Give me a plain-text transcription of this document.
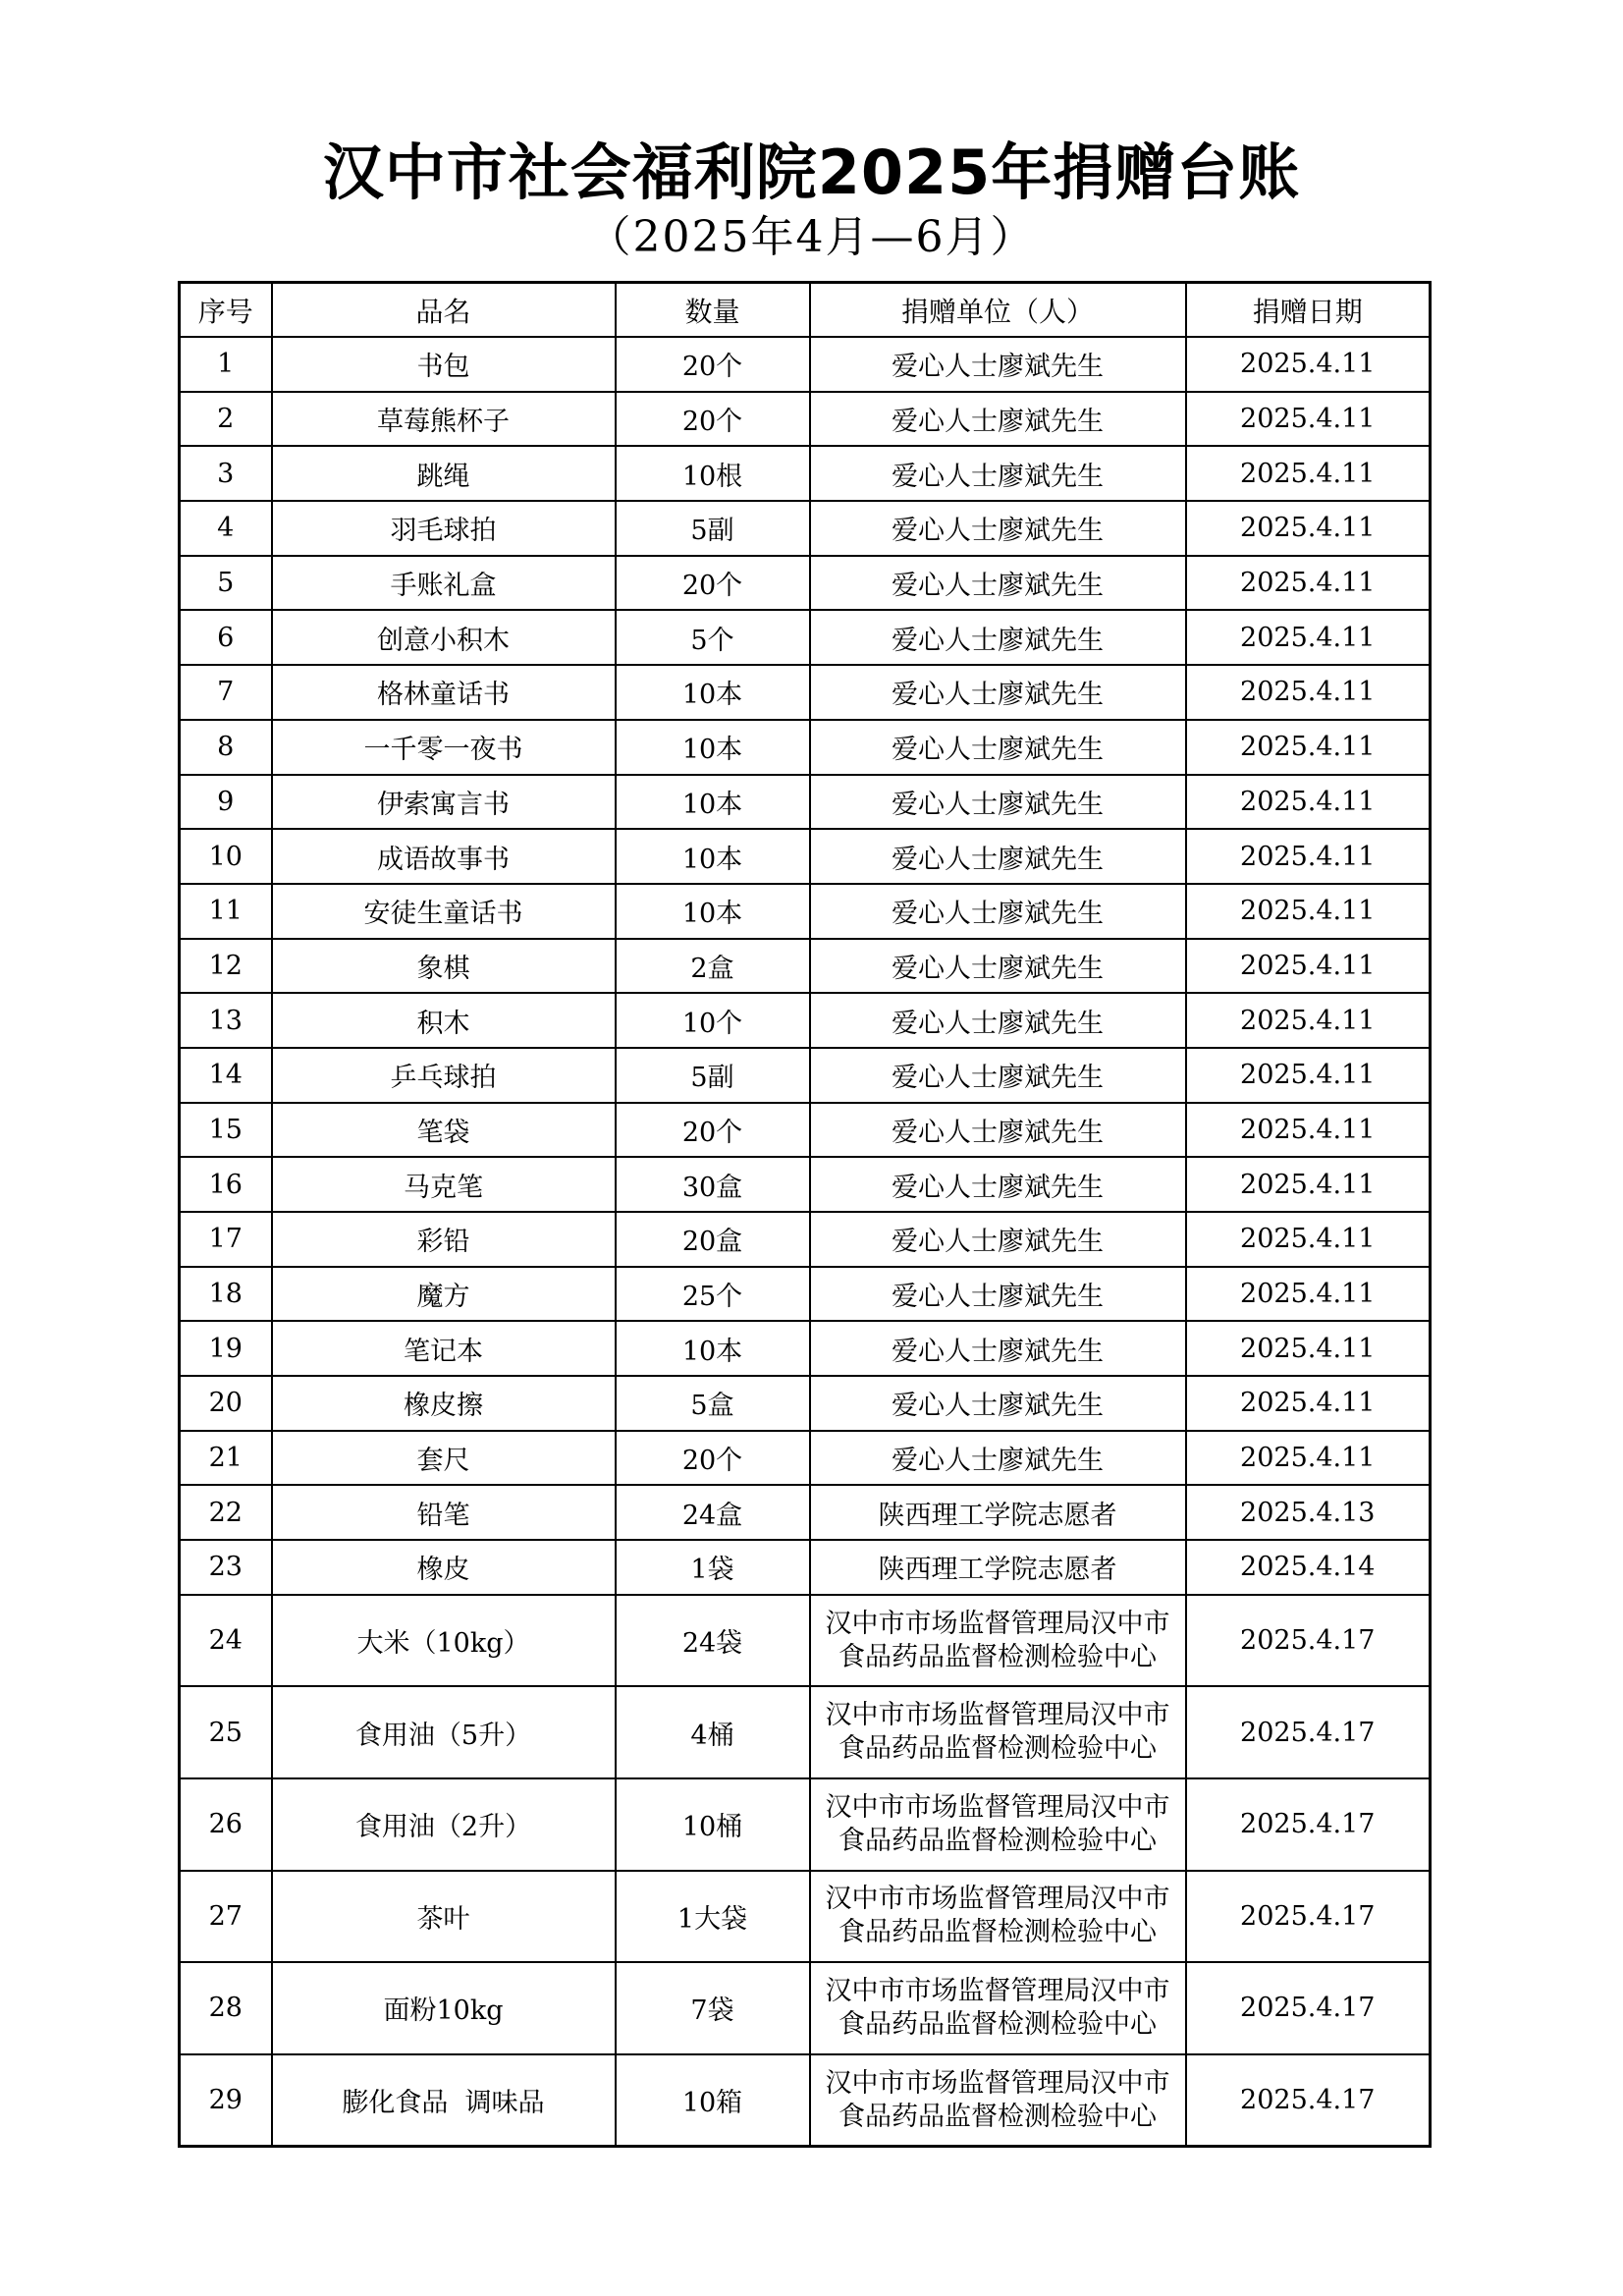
汉中市社会福利院2025年捐赠台账
（2025年4月—6月）
序号	品名	数量	捐赠单位（人）	捐赠日期
1	书包	20个	爱心人士廖斌先生	2025.4.11
2	草莓熊杯子	20个	爱心人士廖斌先生	2025.4.11
3	跳绳	10根	爱心人士廖斌先生	2025.4.11
4	羽毛球拍	5副	爱心人士廖斌先生	2025.4.11
5	手账礼盒	20个	爱心人士廖斌先生	2025.4.11
6	创意小积木	5个	爱心人士廖斌先生	2025.4.11
7	格林童话书	10本	爱心人士廖斌先生	2025.4.11
8	一千零一夜书	10本	爱心人士廖斌先生	2025.4.11
9	伊索寓言书	10本	爱心人士廖斌先生	2025.4.11
10	成语故事书	10本	爱心人士廖斌先生	2025.4.11
11	安徒生童话书	10本	爱心人士廖斌先生	2025.4.11
12	象棋	2盒	爱心人士廖斌先生	2025.4.11
13	积木	10个	爱心人士廖斌先生	2025.4.11
14	乒乓球拍	5副	爱心人士廖斌先生	2025.4.11
15	笔袋	20个	爱心人士廖斌先生	2025.4.11
16	马克笔	30盒	爱心人士廖斌先生	2025.4.11
17	彩铅	20盒	爱心人士廖斌先生	2025.4.11
18	魔方	25个	爱心人士廖斌先生	2025.4.11
19	笔记本	10本	爱心人士廖斌先生	2025.4.11
20	橡皮擦	5盒	爱心人士廖斌先生	2025.4.11
21	套尺	20个	爱心人士廖斌先生	2025.4.11
22	铅笔	24盒	陕西理工学院志愿者	2025.4.13
23	橡皮	1袋	陕西理工学院志愿者	2025.4.14
24	大米（10kg）	24袋	汉中市市场监督管理局汉中市食品药品监督检测检验中心	2025.4.17
25	食用油（5升）	4桶	汉中市市场监督管理局汉中市食品药品监督检测检验中心	2025.4.17
26	食用油（2升）	10桶	汉中市市场监督管理局汉中市食品药品监督检测检验中心	2025.4.17
27	茶叶	1大袋	汉中市市场监督管理局汉中市食品药品监督检测检验中心	2025.4.17
28	面粉10kg	7袋	汉中市市场监督管理局汉中市食品药品监督检测检验中心	2025.4.17
29	膨化食品  调味品	10箱	汉中市市场监督管理局汉中市食品药品监督检测检验中心	2025.4.17
